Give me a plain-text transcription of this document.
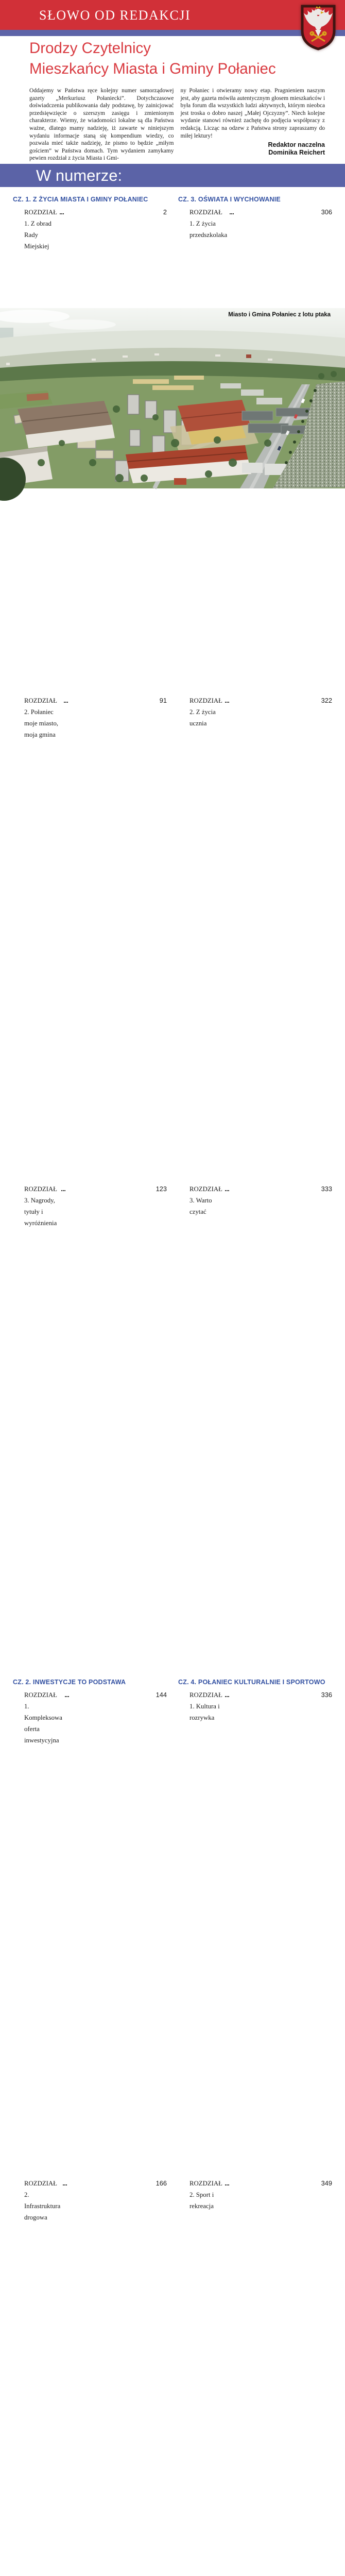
SŁOWO OD REDAKCJI
Drodzy Czytelnicy
Mieszkańcy Miasta i Gminy Połaniec
Oddajemy w Państwa ręce kolejny numer samorządowej gazety „Merkuriusz Połaniecki”. Dotychczasowe doświadczenia publikowania dały podstawę, by zainicjować przedsięwzięcie o szerszym zasięgu i zmienionym charakterze. Wiemy, że wiadomości lokalne są dla Państwa ważne, dlatego mamy nadzieję, iż zawarte w niniejszym wydaniu informacje staną się kompendium wiedzy, co pozwala mieć także nadzieję, że pismo to będzie „miłym gościem” w Państwa domach. Tym wydaniem zamykamy pewien rozdział z życia Miasta i Gmi-
ny Połaniec i otwieramy nowy etap. Pragnieniem naszym jest, aby gazeta mówiła autentycznym głosem mieszkańców i była forum dla wszystkich ludzi aktywnych, którym nieobca jest troska o dobro naszej „Małej Ojczyzny”. Niech kolejne wydanie stanowi również zachętę do podjęcia współpracy z redakcją. Licząc na odzew z Państwa strony zapraszamy do miłej lektury!
Redaktor naczelna
Dominika Reichert
W numerze:
CZ. 1. Z ŻYCIA MIASTA I GMINY POŁANIEC
ROZDZIAŁ 1. Z obrad Rady Miejskiej
2
ROZDZIAŁ 2. Połaniec moje miasto, moja gmina
91
ROZDZIAŁ 3. Nagrody, tytuły i wyróżnienia
123
CZ. 2. INWESTYCJE TO PODSTAWA
ROZDZIAŁ 1. Kompleksowa oferta inwestycyjna
144
ROZDZIAŁ 2. Infrastruktura drogowa
166
CZ. 3. OŚWIATA I WYCHOWANIE
ROZDZIAŁ 1. Z życia przedszkolaka
306
ROZDZIAŁ 2. Z życia ucznia
322
ROZDZIAŁ 3. Warto czytać
333
CZ. 4. POŁANIEC KULTURALNIE I SPORTOWO
ROZDZIAŁ 1. Kultura i rozrywka
336
ROZDZIAŁ 2. Sport i rekreacja
349
Miasto i Gmina Połaniec z lotu ptaka
